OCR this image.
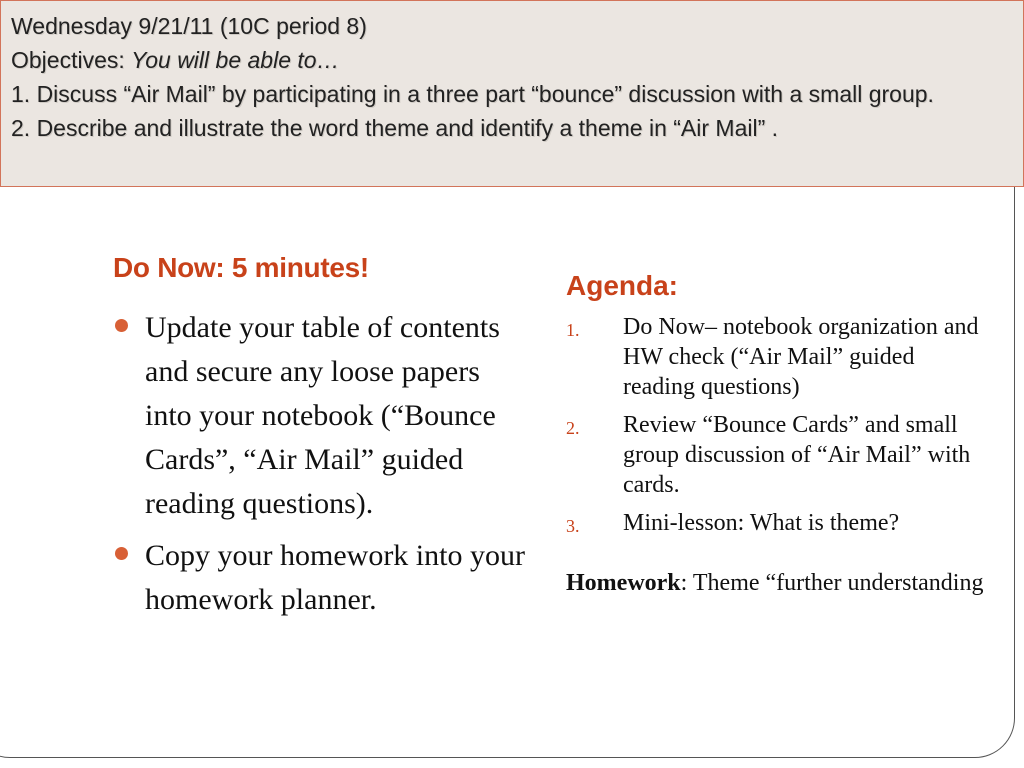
Wednesday 9/21/11 (10C period 8)

Objectives: You will be able to…

1. Discuss “Air Mail” by participating in a three part “bounce” discussion with a small group.

2. Describe and illustrate the word theme and identify a theme in “Air Mail” .

Do Now: 5 minutes!
Update your table of contents and secure any loose papers into your notebook (“Bounce Cards”, “Air Mail” guided reading questions).
Copy your homework into your homework planner.
Agenda:
1. Do Now– notebook organization and HW check (“Air Mail” guided reading questions)
2. Review “Bounce Cards” and small group discussion of “Air Mail” with cards.
3. Mini-lesson: What is theme?
Homework: Theme “further understanding
